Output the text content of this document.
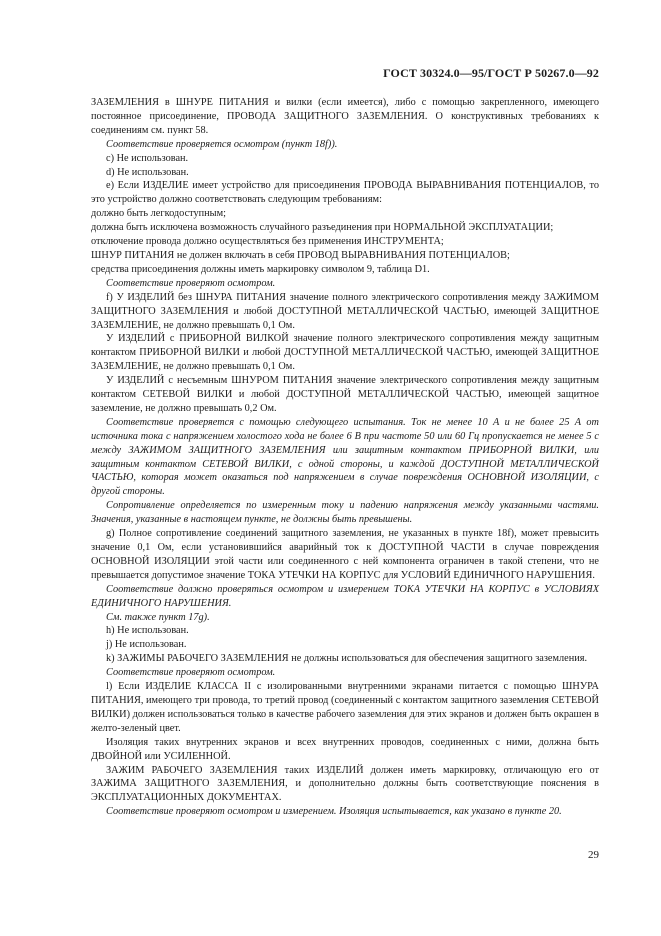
ГОСТ 30324.0—95/ГОСТ Р 50267.0—92

ЗАЗЕМЛЕНИЯ в ШНУРЕ ПИТАНИЯ и вилки (если имеется), либо с помощью закрепленного, имеющего постоянное присоединение, ПРОВОДА ЗАЩИТНОГО ЗАЗЕМЛЕНИЯ. О конструктивных требованиях к соединениям см. пункт 58.

Соответствие проверяется осмотром (пункт 18f)).

c) Не использован.

d) Не использован.

e) Если ИЗДЕЛИЕ имеет устройство для присоединения ПРОВОДА ВЫРАВНИВАНИЯ ПОТЕНЦИАЛОВ, то это устройство должно соответствовать следующим требованиям:

должно быть легкодоступным;

должна быть исключена возможность случайного разъединения при НОРМАЛЬНОЙ ЭКСПЛУАТАЦИИ;

отключение провода должно осуществляться без применения ИНСТРУМЕНТА;

ШНУР ПИТАНИЯ не должен включать в себя ПРОВОД ВЫРАВНИВАНИЯ ПОТЕНЦИАЛОВ;

средства присоединения должны иметь маркировку символом 9, таблица D1.

Соответствие проверяют осмотром.

f) У ИЗДЕЛИЙ без ШНУРА ПИТАНИЯ значение полного электрического сопротивления между ЗАЖИМОМ ЗАЩИТНОГО ЗАЗЕМЛЕНИЯ и любой ДОСТУПНОЙ МЕТАЛЛИЧЕСКОЙ ЧАСТЬЮ, имеющей ЗАЩИТНОЕ ЗАЗЕМЛЕНИЕ, не должно превышать 0,1 Ом.

У ИЗДЕЛИЙ с ПРИБОРНОЙ ВИЛКОЙ значение полного электрического сопротивления между защитным контактом ПРИБОРНОЙ ВИЛКИ и любой ДОСТУПНОЙ МЕТАЛЛИЧЕСКОЙ ЧАСТЬЮ, имеющей ЗАЩИТНОЕ ЗАЗЕМЛЕНИЕ, не должно превышать 0,1 Ом.

У ИЗДЕЛИЙ с несъемным ШНУРОМ ПИТАНИЯ значение электрического сопротивления между защитным контактом СЕТЕВОЙ ВИЛКИ и любой ДОСТУПНОЙ МЕТАЛЛИЧЕСКОЙ ЧАСТЬЮ, имеющей защитное заземление, не должно превышать 0,2 Ом.

Соответствие проверяется с помощью следующего испытания. Ток не менее 10 А и не более 25 А от источника тока с напряжением холостого хода не более 6 В при частоте 50 или 60 Гц пропускается не менее 5 с между ЗАЖИМОМ ЗАЩИТНОГО ЗАЗЕМЛЕНИЯ или защитным контактом ПРИБОРНОЙ ВИЛКИ, или защитным контактом СЕТЕВОЙ ВИЛКИ, с одной стороны, и каждой ДОСТУПНОЙ МЕТАЛЛИЧЕСКОЙ ЧАСТЬЮ, которая может оказаться под напряжением в случае повреждения ОСНОВНОЙ ИЗОЛЯЦИИ, с другой стороны.

Сопротивление определяется по измеренным току и падению напряжения между указанными частями. Значения, указанные в настоящем пункте, не должны быть превышены.

g) Полное сопротивление соединений защитного заземления, не указанных в пункте 18f), может превысить значение 0,1 Ом, если установившийся аварийный ток к ДОСТУПНОЙ ЧАСТИ в случае повреждения ОСНОВНОЙ ИЗОЛЯЦИИ этой части или соединенного с ней компонента ограничен в такой степени, что не превышается допустимое значение ТОКА УТЕЧКИ НА КОРПУС для УСЛОВИЙ ЕДИНИЧНОГО НАРУШЕНИЯ.

Соответствие должно проверяться осмотром и измерением ТОКА УТЕЧКИ НА КОРПУС в УСЛОВИЯХ ЕДИНИЧНОГО НАРУШЕНИЯ.

См. также пункт 17g).

h) Не использован.

j) Не использован.

k) ЗАЖИМЫ РАБОЧЕГО ЗАЗЕМЛЕНИЯ не должны использоваться для обеспечения защитного заземления.

Соответствие проверяют осмотром.

l) Если ИЗДЕЛИЕ КЛАССА II с изолированными внутренними экранами питается с помощью ШНУРА ПИТАНИЯ, имеющего три провода, то третий провод (соединенный с контактом защитного заземления СЕТЕВОЙ ВИЛКИ) должен использоваться только в качестве рабочего заземления для этих экранов и должен быть окрашен в желто-зеленый цвет.

Изоляция таких внутренних экранов и всех внутренних проводов, соединенных с ними, должна быть ДВОЙНОЙ или УСИЛЕННОЙ.

ЗАЖИМ РАБОЧЕГО ЗАЗЕМЛЕНИЯ таких ИЗДЕЛИЙ должен иметь маркировку, отличающую его от ЗАЖИМА ЗАЩИТНОГО ЗАЗЕМЛЕНИЯ, и дополнительно должны быть соответствующие пояснения в ЭКСПЛУАТАЦИОННЫХ ДОКУМЕНТАХ.

Соответствие проверяют осмотром и измерением. Изоляция испытывается, как указано в пункте 20.

29
